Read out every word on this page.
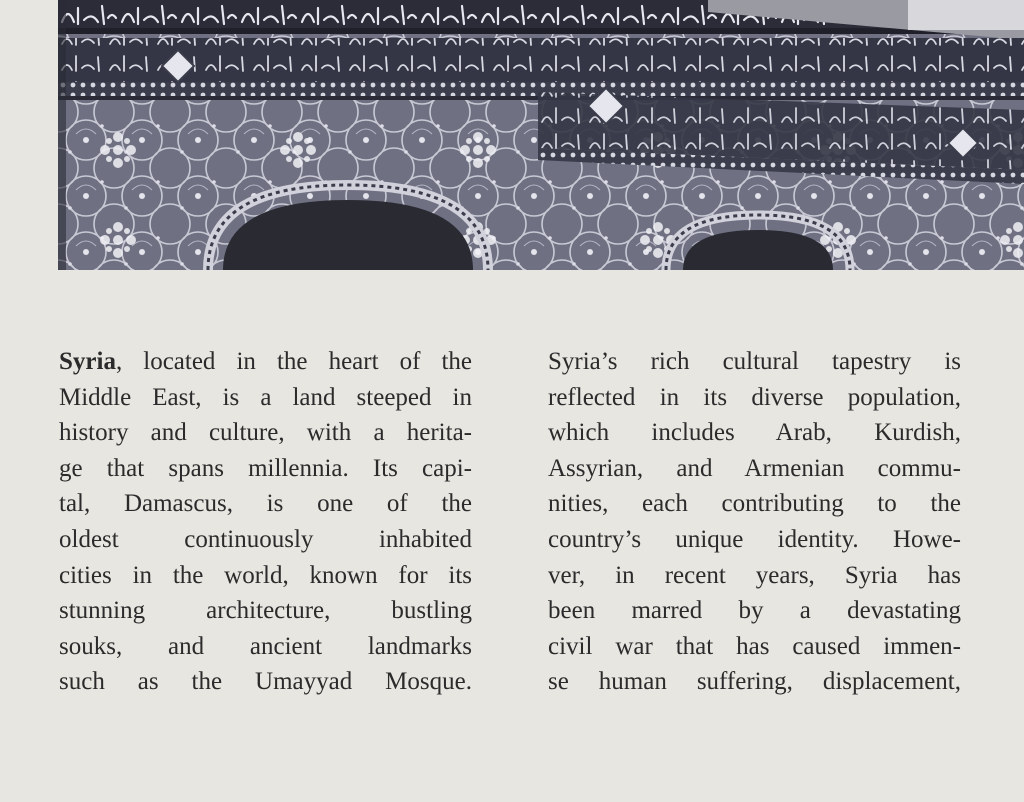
Syria, located in the heart of the
Middle East, is a land steeped in
history and culture, with a herita-
ge that spans millennia. Its capi-
tal, Damascus, is one of the
oldest continuously inhabited
cities in the world, known for its
stunning architecture, bustling
souks, and ancient landmarks
such as the Umayyad Mosque.
Syria’s rich cultural tapestry is
reflected in its diverse population,
which includes Arab, Kurdish,
Assyrian, and Armenian commu-
nities, each contributing to the
country’s unique identity. Howe-
ver, in recent years, Syria has
been marred by a devastating
civil war that has caused immen-
se human suffering, displacement,
